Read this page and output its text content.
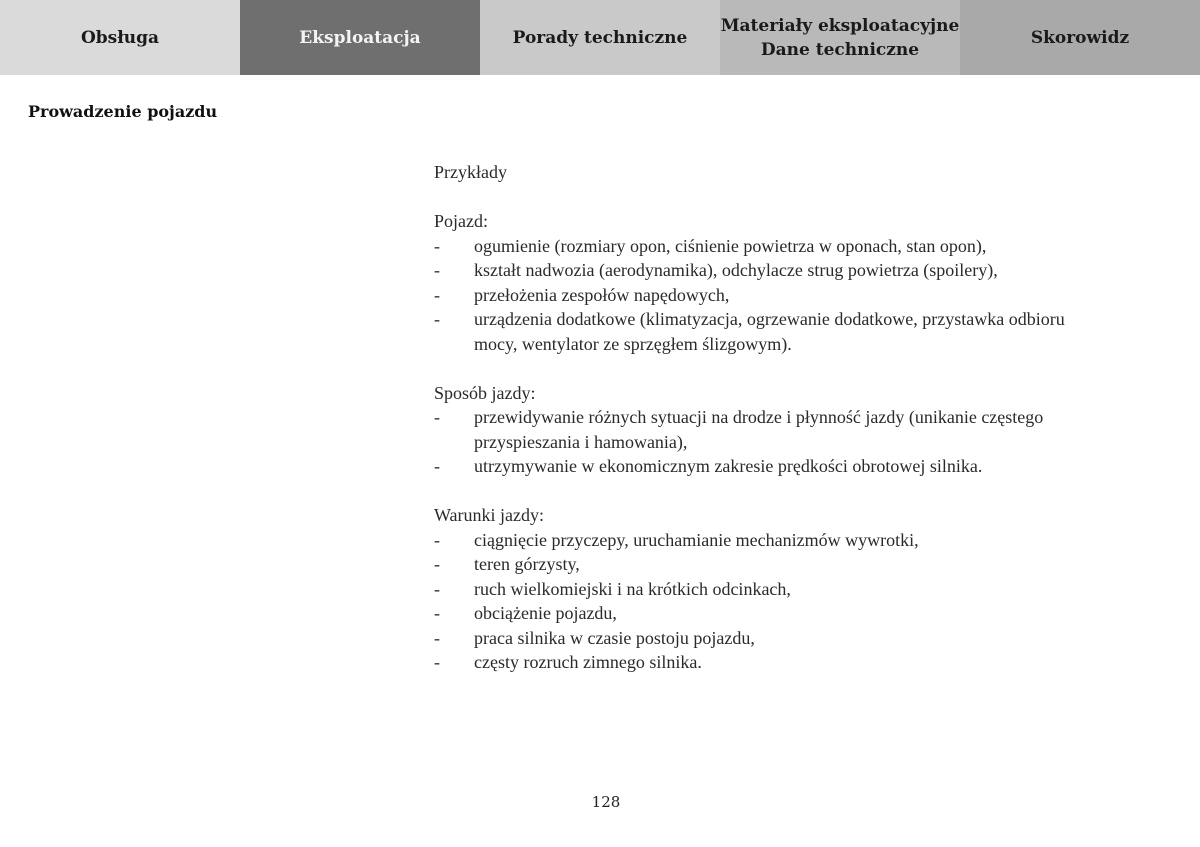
Obsługa	Eksploatacja	Porady techniczne
Materiały eksploatacyjne
Dane techniczne
Skorowidz
Prowadzenie pojazdu

Przykłady

Pojazd:

- ogumienie (rozmiary opon, ciśnienie powietrza w oponach, stan opon),
- kształt nadwozia (aerodynamika), odchylacze strug powietrza (spoilery),
- przełożenia zespołów napędowych,
- urządzenia dodatkowe (klimatyzacja, ogrzewanie dodatkowe, przystawka odbioru mocy, wentylator ze sprzęgłem ślizgowym).

Sposób jazdy:

- przewidywanie różnych sytuacji na drodze i płynność jazdy (unikanie częstego przyspieszania i hamowania),
- utrzymywanie w ekonomicznym zakresie prędkości obrotowej silnika.

Warunki jazdy:

- ciągnięcie przyczepy, uruchamianie mechanizmów wywrotki,
- teren górzysty,
- ruch wielkomiejski i na krótkich odcinkach,
- obciążenie pojazdu,
- praca silnika w czasie postoju pojazdu,
- częsty rozruch zimnego silnika.
128
